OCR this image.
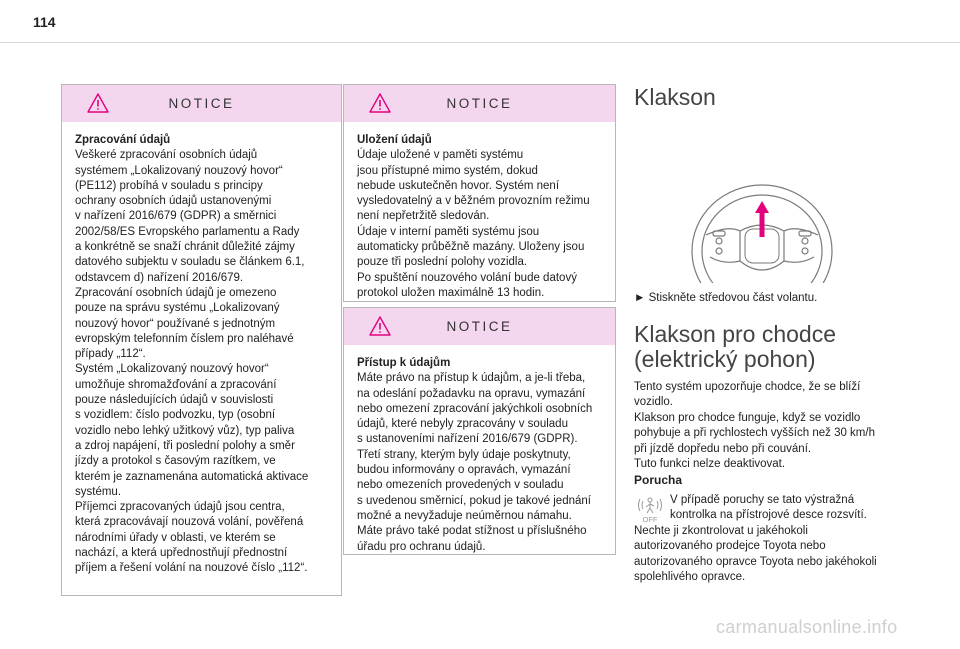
114
NOTICE
Zpracování údajů
Veškeré zpracování osobních údajů
systémem „Lokalizovaný nouzový hovor“
(PE112) probíhá v souladu s principy
ochrany osobních údajů ustanovenými
v nařízení 2016/679 (GDPR) a směrnici
2002/58/ES Evropského parlamentu a Rady
a konkrétně se snaží chránit důležité zájmy
datového subjektu v souladu se článkem 6.1,
odstavcem d) nařízení 2016/679.
Zpracování osobních údajů je omezeno
pouze na správu systému „Lokalizovaný
nouzový hovor“ používané s jednotným
evropským telefonním číslem pro naléhavé
případy „112“.
Systém „Lokalizovaný nouzový hovor“
umožňuje shromažďování a zpracování
pouze následujících údajů v souvislosti
s vozidlem: číslo podvozku, typ (osobní
vozidlo nebo lehký užitkový vůz), typ paliva
a zdroj napájení, tři poslední polohy a směr
jízdy a protokol s časovým razítkem, ve
kterém je zaznamenána automatická aktivace
systému.
Příjemci zpracovaných údajů jsou centra,
která zpracovávají nouzová volání, pověřená
národními úřady v oblasti, ve kterém se
nachází, a která upřednostňují přednostní
příjem a řešení volání na nouzové číslo „112“.
NOTICE
Uložení údajů
Údaje uložené v paměti systému
jsou přístupné mimo systém, dokud
nebude uskutečněn hovor. Systém není
vysledovatelný a v běžném provozním režimu
není nepřetržitě sledován.
Údaje v interní paměti systému jsou
automaticky průběžně mazány. Uloženy jsou
pouze tři poslední polohy vozidla.
Po spuštění nouzového volání bude datový
protokol uložen maximálně 13 hodin.
NOTICE
Přístup k údajům
Máte právo na přístup k údajům, a je-li třeba,
na odeslání požadavku na opravu, vymazání
nebo omezení zpracování jakýchkoli osobních
údajů, které nebyly zpracovány v souladu
s ustanoveními nařízení 2016/679 (GDPR).
Třetí strany, kterým byly údaje poskytnuty,
budou informovány o opravách, vymazání
nebo omezeních provedených v souladu
s uvedenou směrnicí, pokud je takové jednání
možné a nevyžaduje neúměrnou námahu.
Máte právo také podat stížnost u příslušného
úřadu pro ochranu údajů.
Klakson
► Stiskněte středovou část volantu.
Klakson pro chodce
(elektrický pohon)
Tento systém upozorňuje chodce, že se blíží
vozidlo.
Klakson pro chodce funguje, když se vozidlo
pohybuje a při rychlostech vyšších než 30 km/h
při jízdě dopředu nebo při couvání.
Tuto funkci nelze deaktivovat.
Porucha
OFF
V případě poruchy se tato výstražná
kontrolka na přístrojové desce rozsvítí.
Nechte ji zkontrolovat u jakéhokoli
autorizovaného prodejce Toyota nebo
autorizovaného opravce Toyota nebo jakéhokoli
spolehlivého opravce.
carmanualsonline.info
